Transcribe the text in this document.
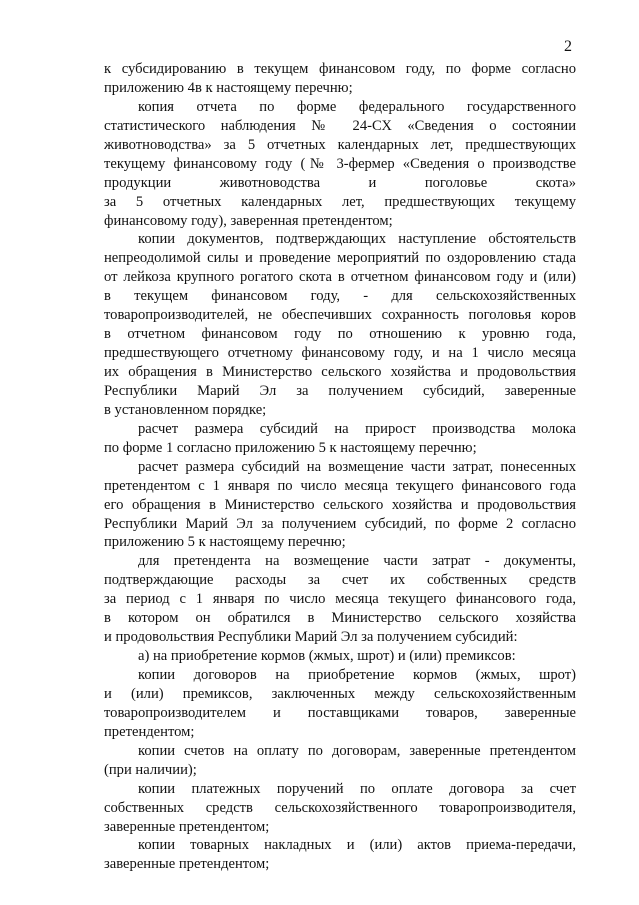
2
к субсидированию в текущем финансовом году, по форме согласно
приложению 4в к настоящему перечню;
копия отчета по форме федерального государственного
статистического наблюдения № 24-СХ «Сведения о состоянии
животноводства» за 5 отчетных календарных лет, предшествующих
текущему финансовому году (№ 3-фермер «Сведения о производстве
продукции животноводства и поголовье скота»
за 5 отчетных календарных лет, предшествующих текущему
финансовому году), заверенная претендентом;
копии документов, подтверждающих наступление обстоятельств
непреодолимой силы и проведение мероприятий по оздоровлению стада
от лейкоза крупного рогатого скота в отчетном финансовом году и (или)
в текущем финансовом году, - для сельскохозяйственных
товаропроизводителей, не обеспечивших сохранность поголовья коров
в отчетном финансовом году по отношению к уровню года,
предшествующего отчетному финансовому году, и на 1 число месяца
их обращения в Министерство сельского хозяйства и продовольствия
Республики Марий Эл за получением субсидий, заверенные
в установленном порядке;
расчет размера субсидий на прирост производства молока
по форме 1 согласно приложению 5 к настоящему перечню;
расчет размера субсидий на возмещение части затрат, понесенных
претендентом с 1 января по число месяца текущего финансового года
его обращения в Министерство сельского хозяйства и продовольствия
Республики Марий Эл за получением субсидий, по форме 2 согласно
приложению 5 к настоящему перечню;
для претендента на возмещение части затрат - документы,
подтверждающие расходы за счет их собственных средств
за период с 1 января по число месяца текущего финансового года,
в котором он обратился в Министерство сельского хозяйства
и продовольствия Республики Марий Эл за получением субсидий:
а) на приобретение кормов (жмых, шрот) и (или) премиксов:
копии договоров на приобретение кормов (жмых, шрот)
и (или) премиксов, заключенных между сельскохозяйственным
товаропроизводителем и поставщиками товаров, заверенные
претендентом;
копии счетов на оплату по договорам, заверенные претендентом
(при наличии);
копии платежных поручений по оплате договора за счет
собственных средств сельскохозяйственного товаропроизводителя,
заверенные претендентом;
копии товарных накладных и (или) актов приема-передачи,
заверенные претендентом;
